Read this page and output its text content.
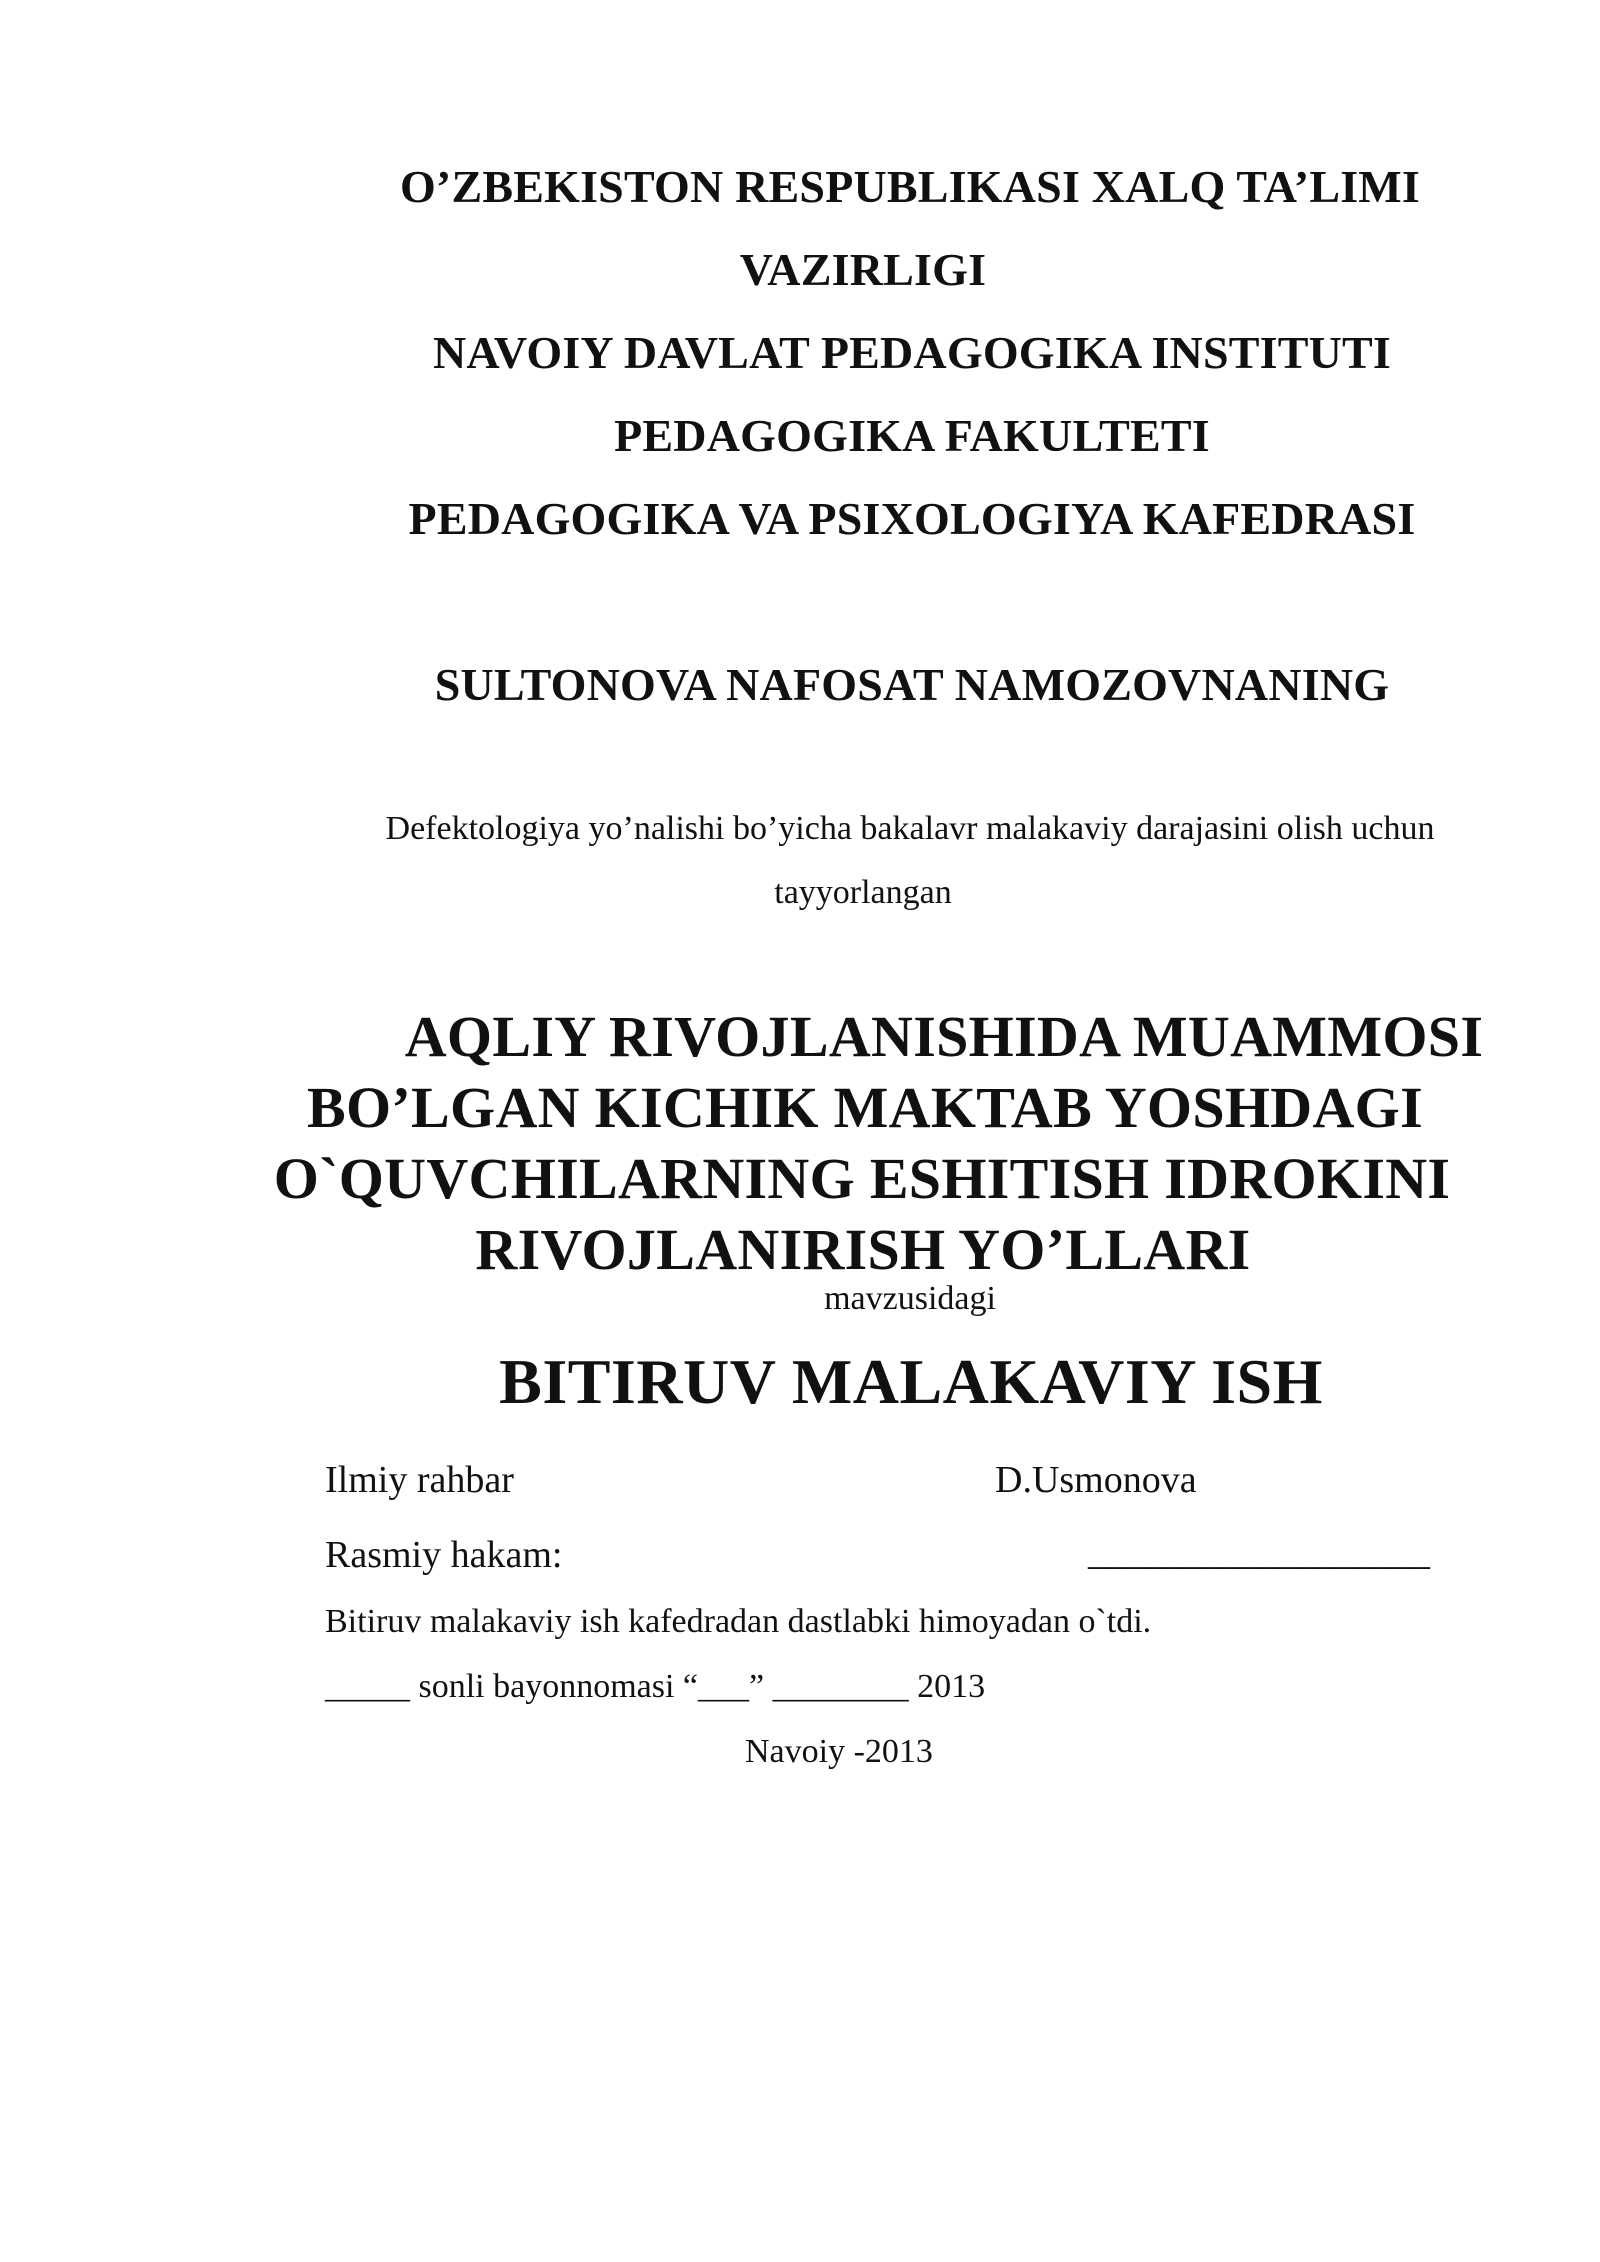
O’ZBEKISTON RESPUBLIKASI XALQ TA’LIMI
VAZIRLIGI
NAVOIY DAVLAT PEDAGOGIKA INSTITUTI
PEDAGOGIKA FAKULTETI
PEDAGOGIKA VA PSIXOLOGIYA KAFEDRASI
SULTONOVA NAFOSAT NAMOZOVNANING
Defektologiya yo’nalishi bo’yicha bakalavr malakaviy darajasini olish uchun
tayyorlangan
AQLIY RIVOJLANISHIDA MUAMMOSI
BO’LGAN KICHIK MAKTAB YOSHDAGI
O`QUVCHILARNING ESHITISH IDROKINI
RIVOJLANIRISH YO’LLARI
mavzusidagi
BITIRUV MALAKAVIY ISH
Ilmiy rahbar	D.Usmonova
Rasmiy hakam:	__________________
Bitiruv malakaviy ish kafedradan dastlabki himoyadan o`tdi.
_____ sonli bayonnomasi “___” ________ 2013
Navoiy -2013
